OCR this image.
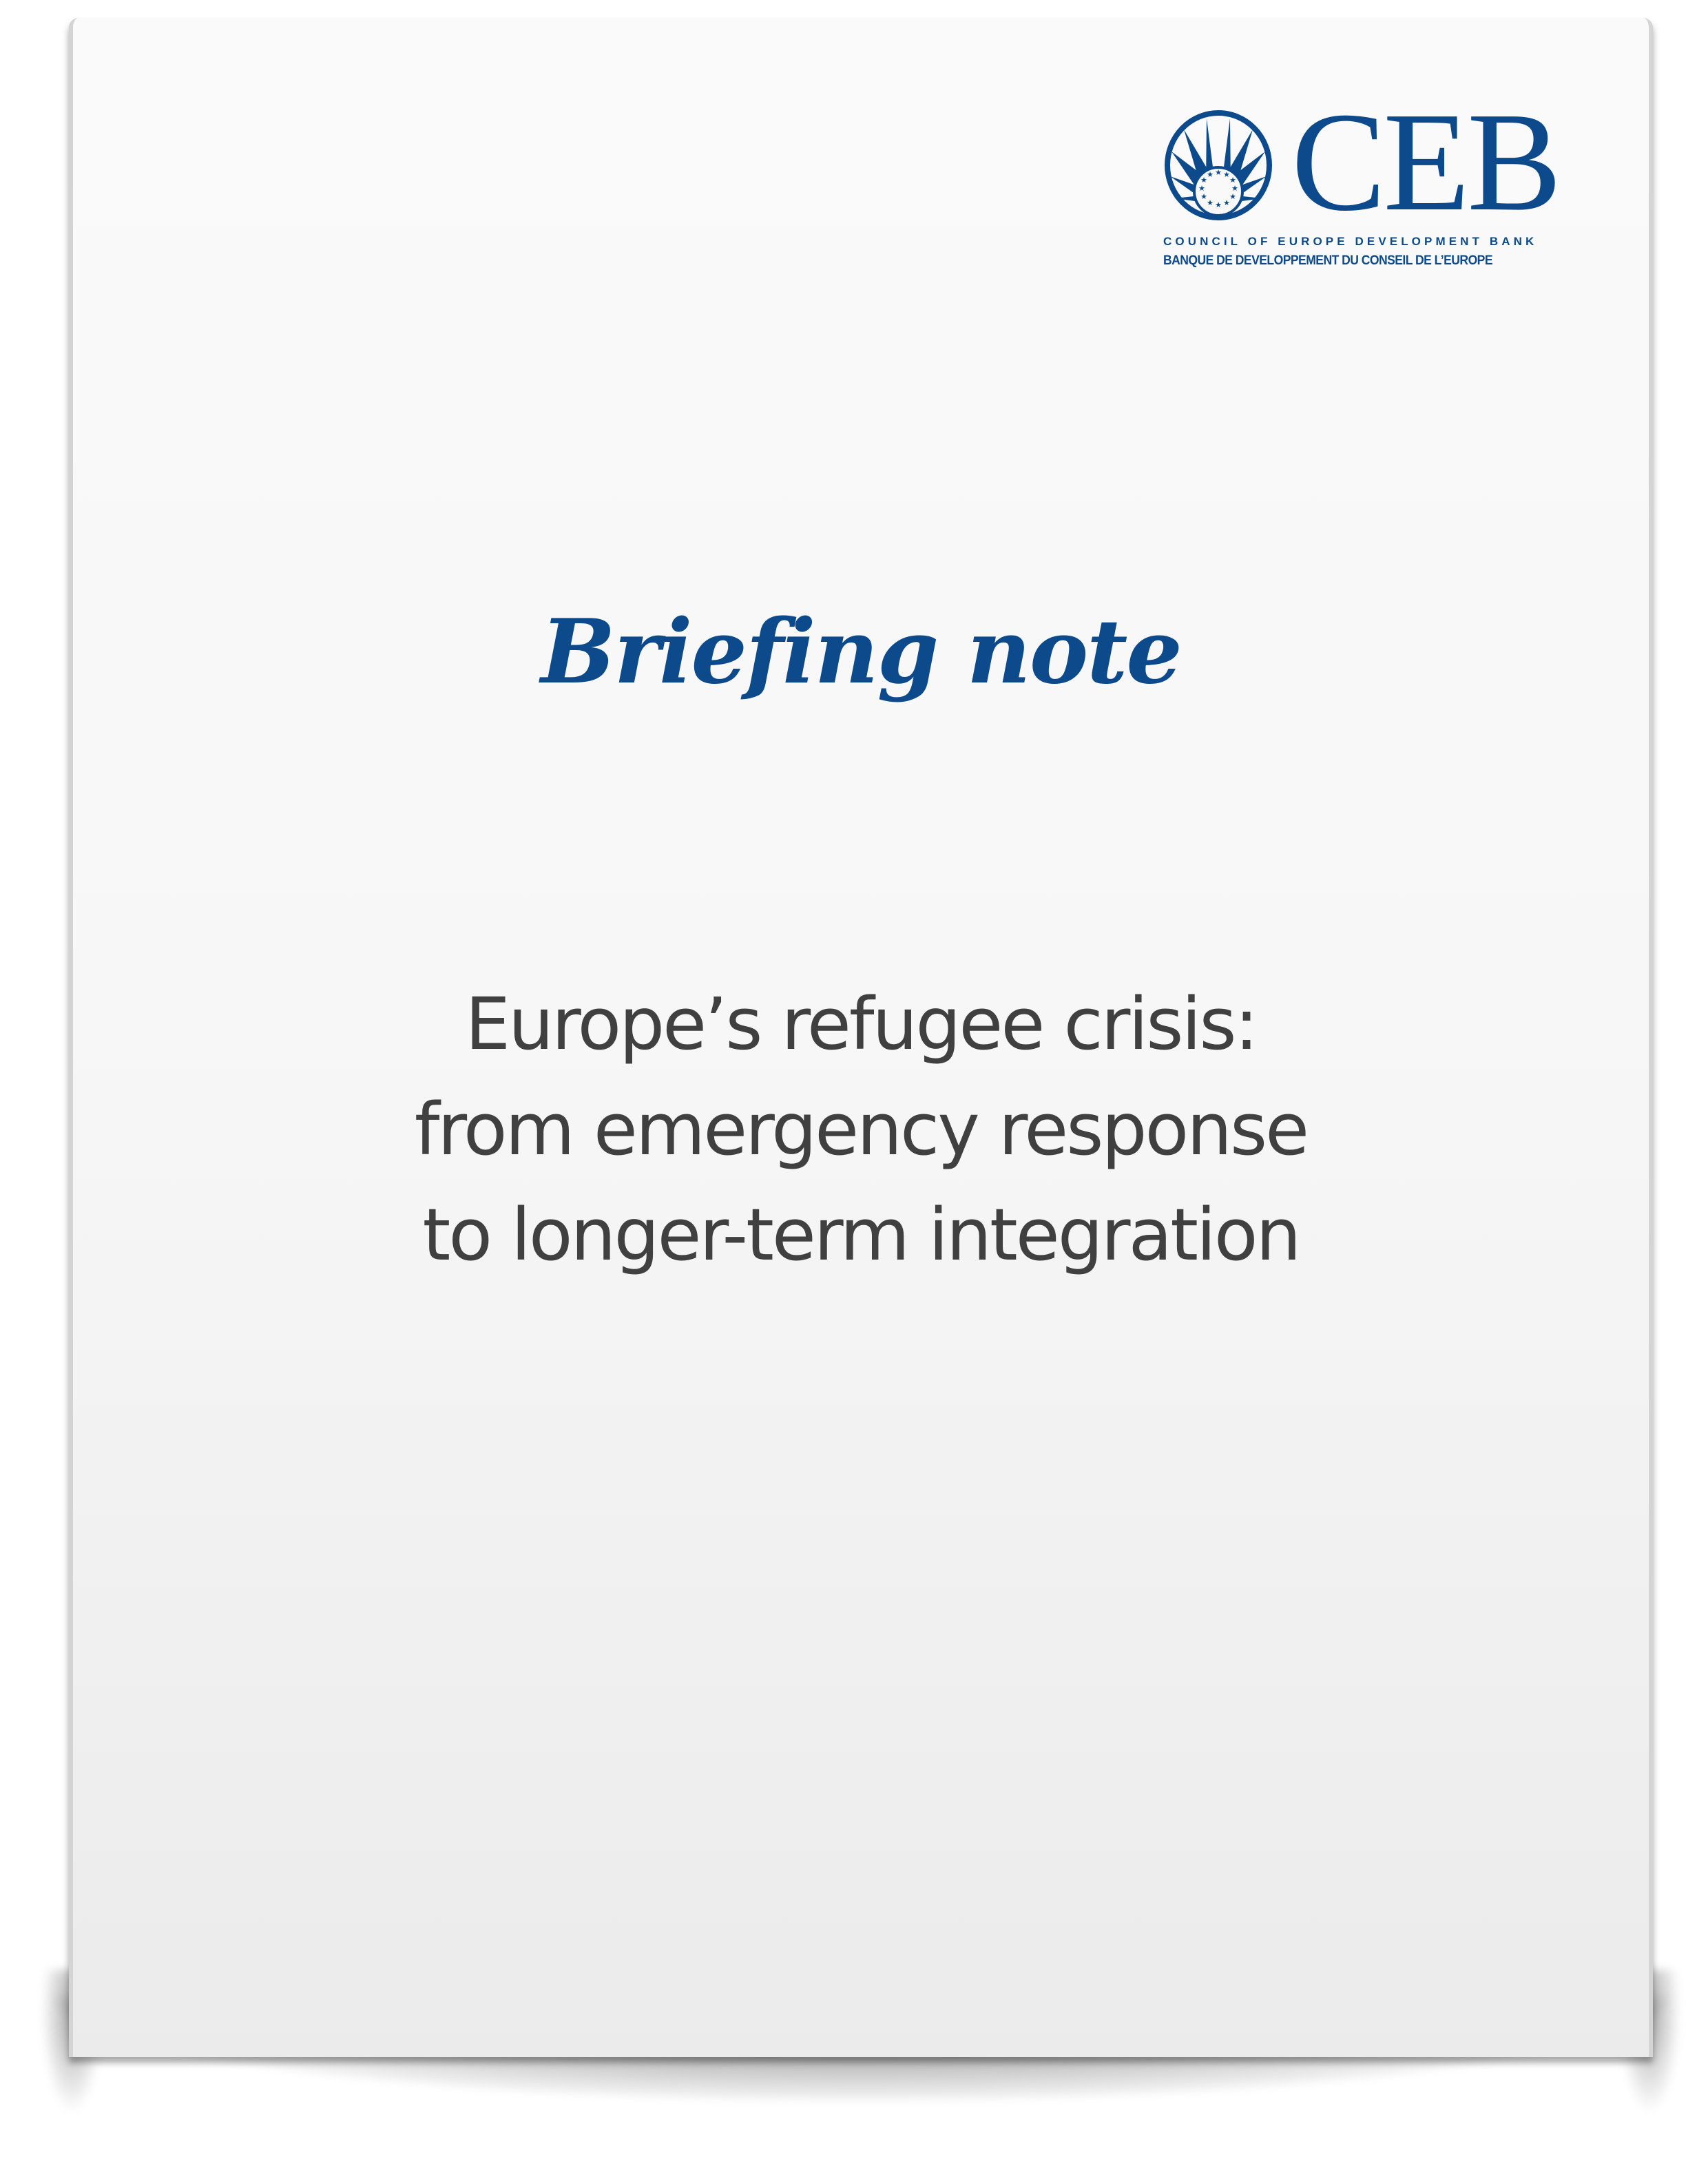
★ ★
★
★
★
★
★
★
★
★
★
★ CEB
COUNCIL OF EUROPE DEVELOPMENT BANK
BANQUE DE DEVELOPPEMENT DU CONSEIL DE L’EUROPE
Briefing note
Europe’s refugee crisis:
from emergency response
to longer-term integration
